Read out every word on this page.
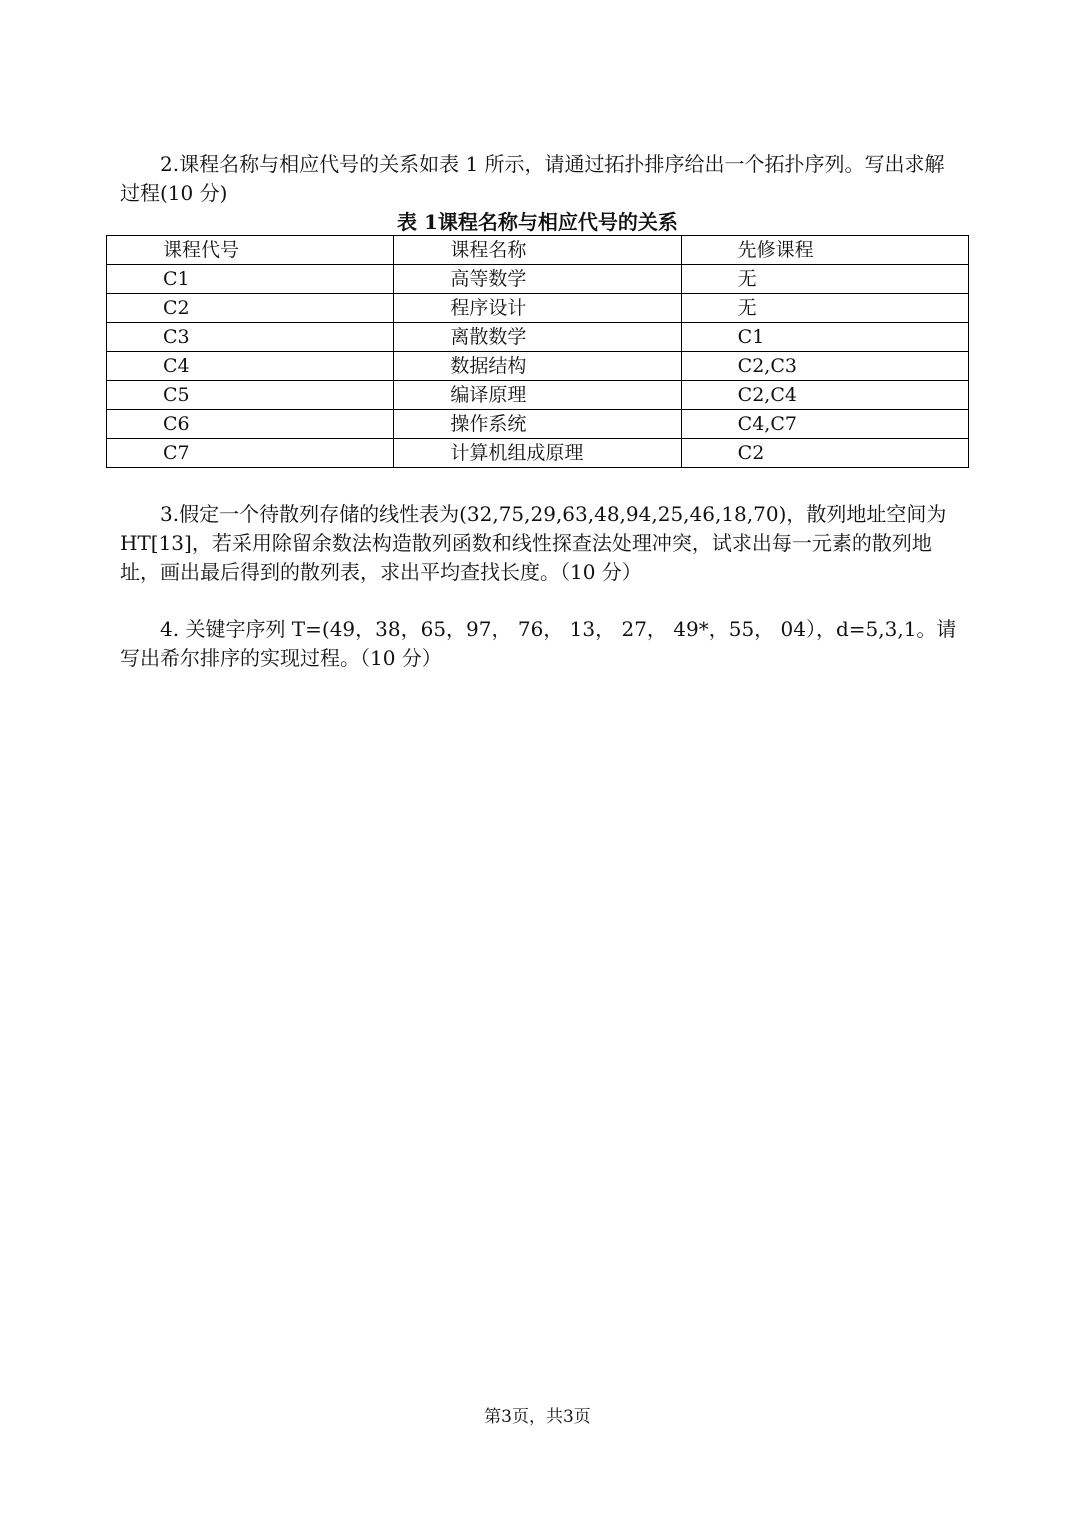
2.课程名称与相应代号的关系如表 1 所示，请通过拓扑排序给出一个拓扑序列。写出求解过程(10 分)

表 1课程名称与相应代号的关系

课程代号	课程名称	先修课程
C1	高等数学	无
C2	程序设计	无
C3	离散数学	C1
C4	数据结构	C2,C3
C5	编译原理	C2,C4
C6	操作系统	C4,C7
C7	计算机组成原理	C2

3.假定一个待散列存储的线性表为(32,75,29,63,48,94,25,46,18,70)，散列地址空间为HT[13]，若采用除留余数法构造散列函数和线性探查法处理冲突，试求出每一元素的散列地址，画出最后得到的散列表，求出平均查找长度。（10 分）

4. 关键字序列 T=(49，38，65，97， 76， 13， 27， 49*，55， 04），d=5,3,1。请写出希尔排序的实现过程。（10 分）

第3页，共3页
